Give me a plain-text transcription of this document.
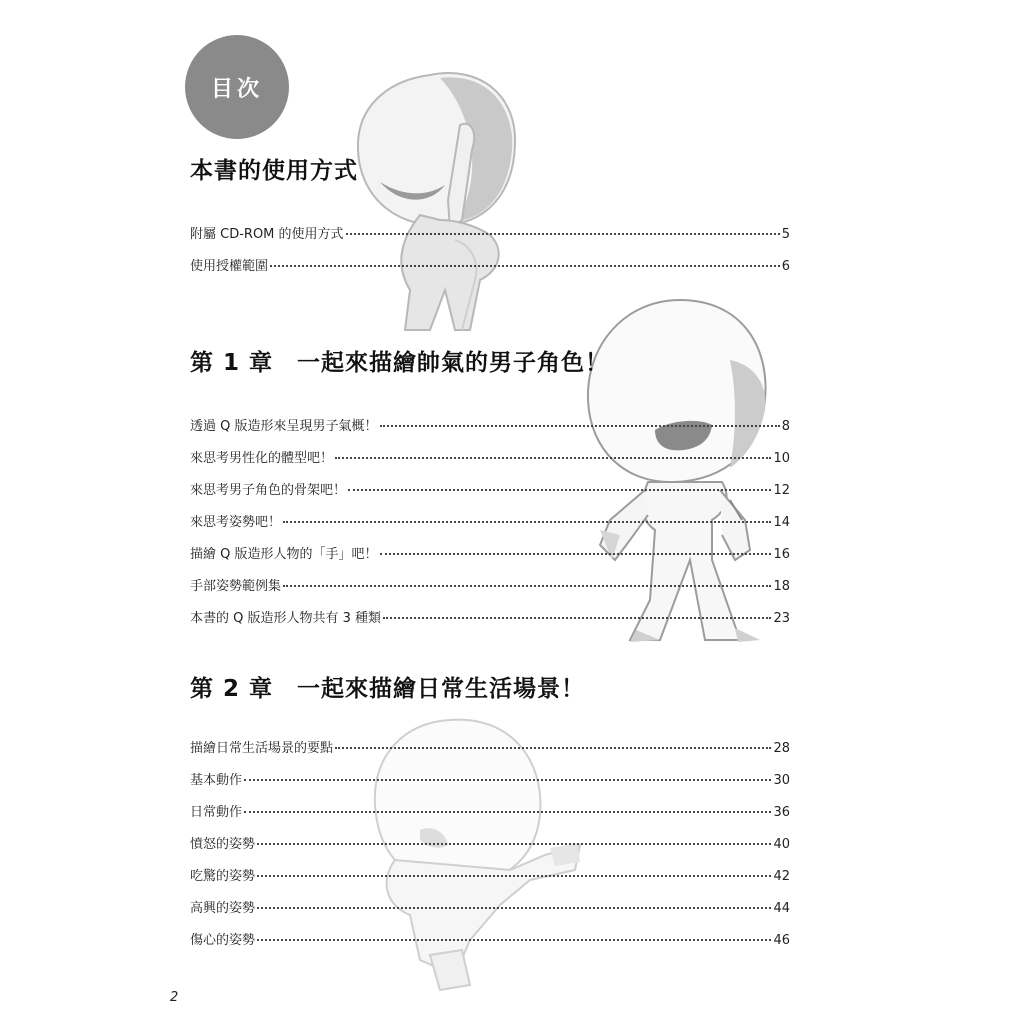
目次
本書的使用方式
附屬 CD-ROM 的使用方式	5
使用授權範圍	6
第 1 章　一起來描繪帥氣的男子角色！
透過 Q 版造形來呈現男子氣概！	8
來思考男性化的體型吧！	10
來思考男子角色的骨架吧！	12
來思考姿勢吧！	14
描繪 Q 版造形人物的「手」吧！	16
手部姿勢範例集	18
本書的 Q 版造形人物共有 3 種類	23
第 2 章　一起來描繪日常生活場景！
描繪日常生活場景的要點	28
基本動作	30
日常動作	36
憤怒的姿勢	40
吃驚的姿勢	42
高興的姿勢	44
傷心的姿勢	46
2
